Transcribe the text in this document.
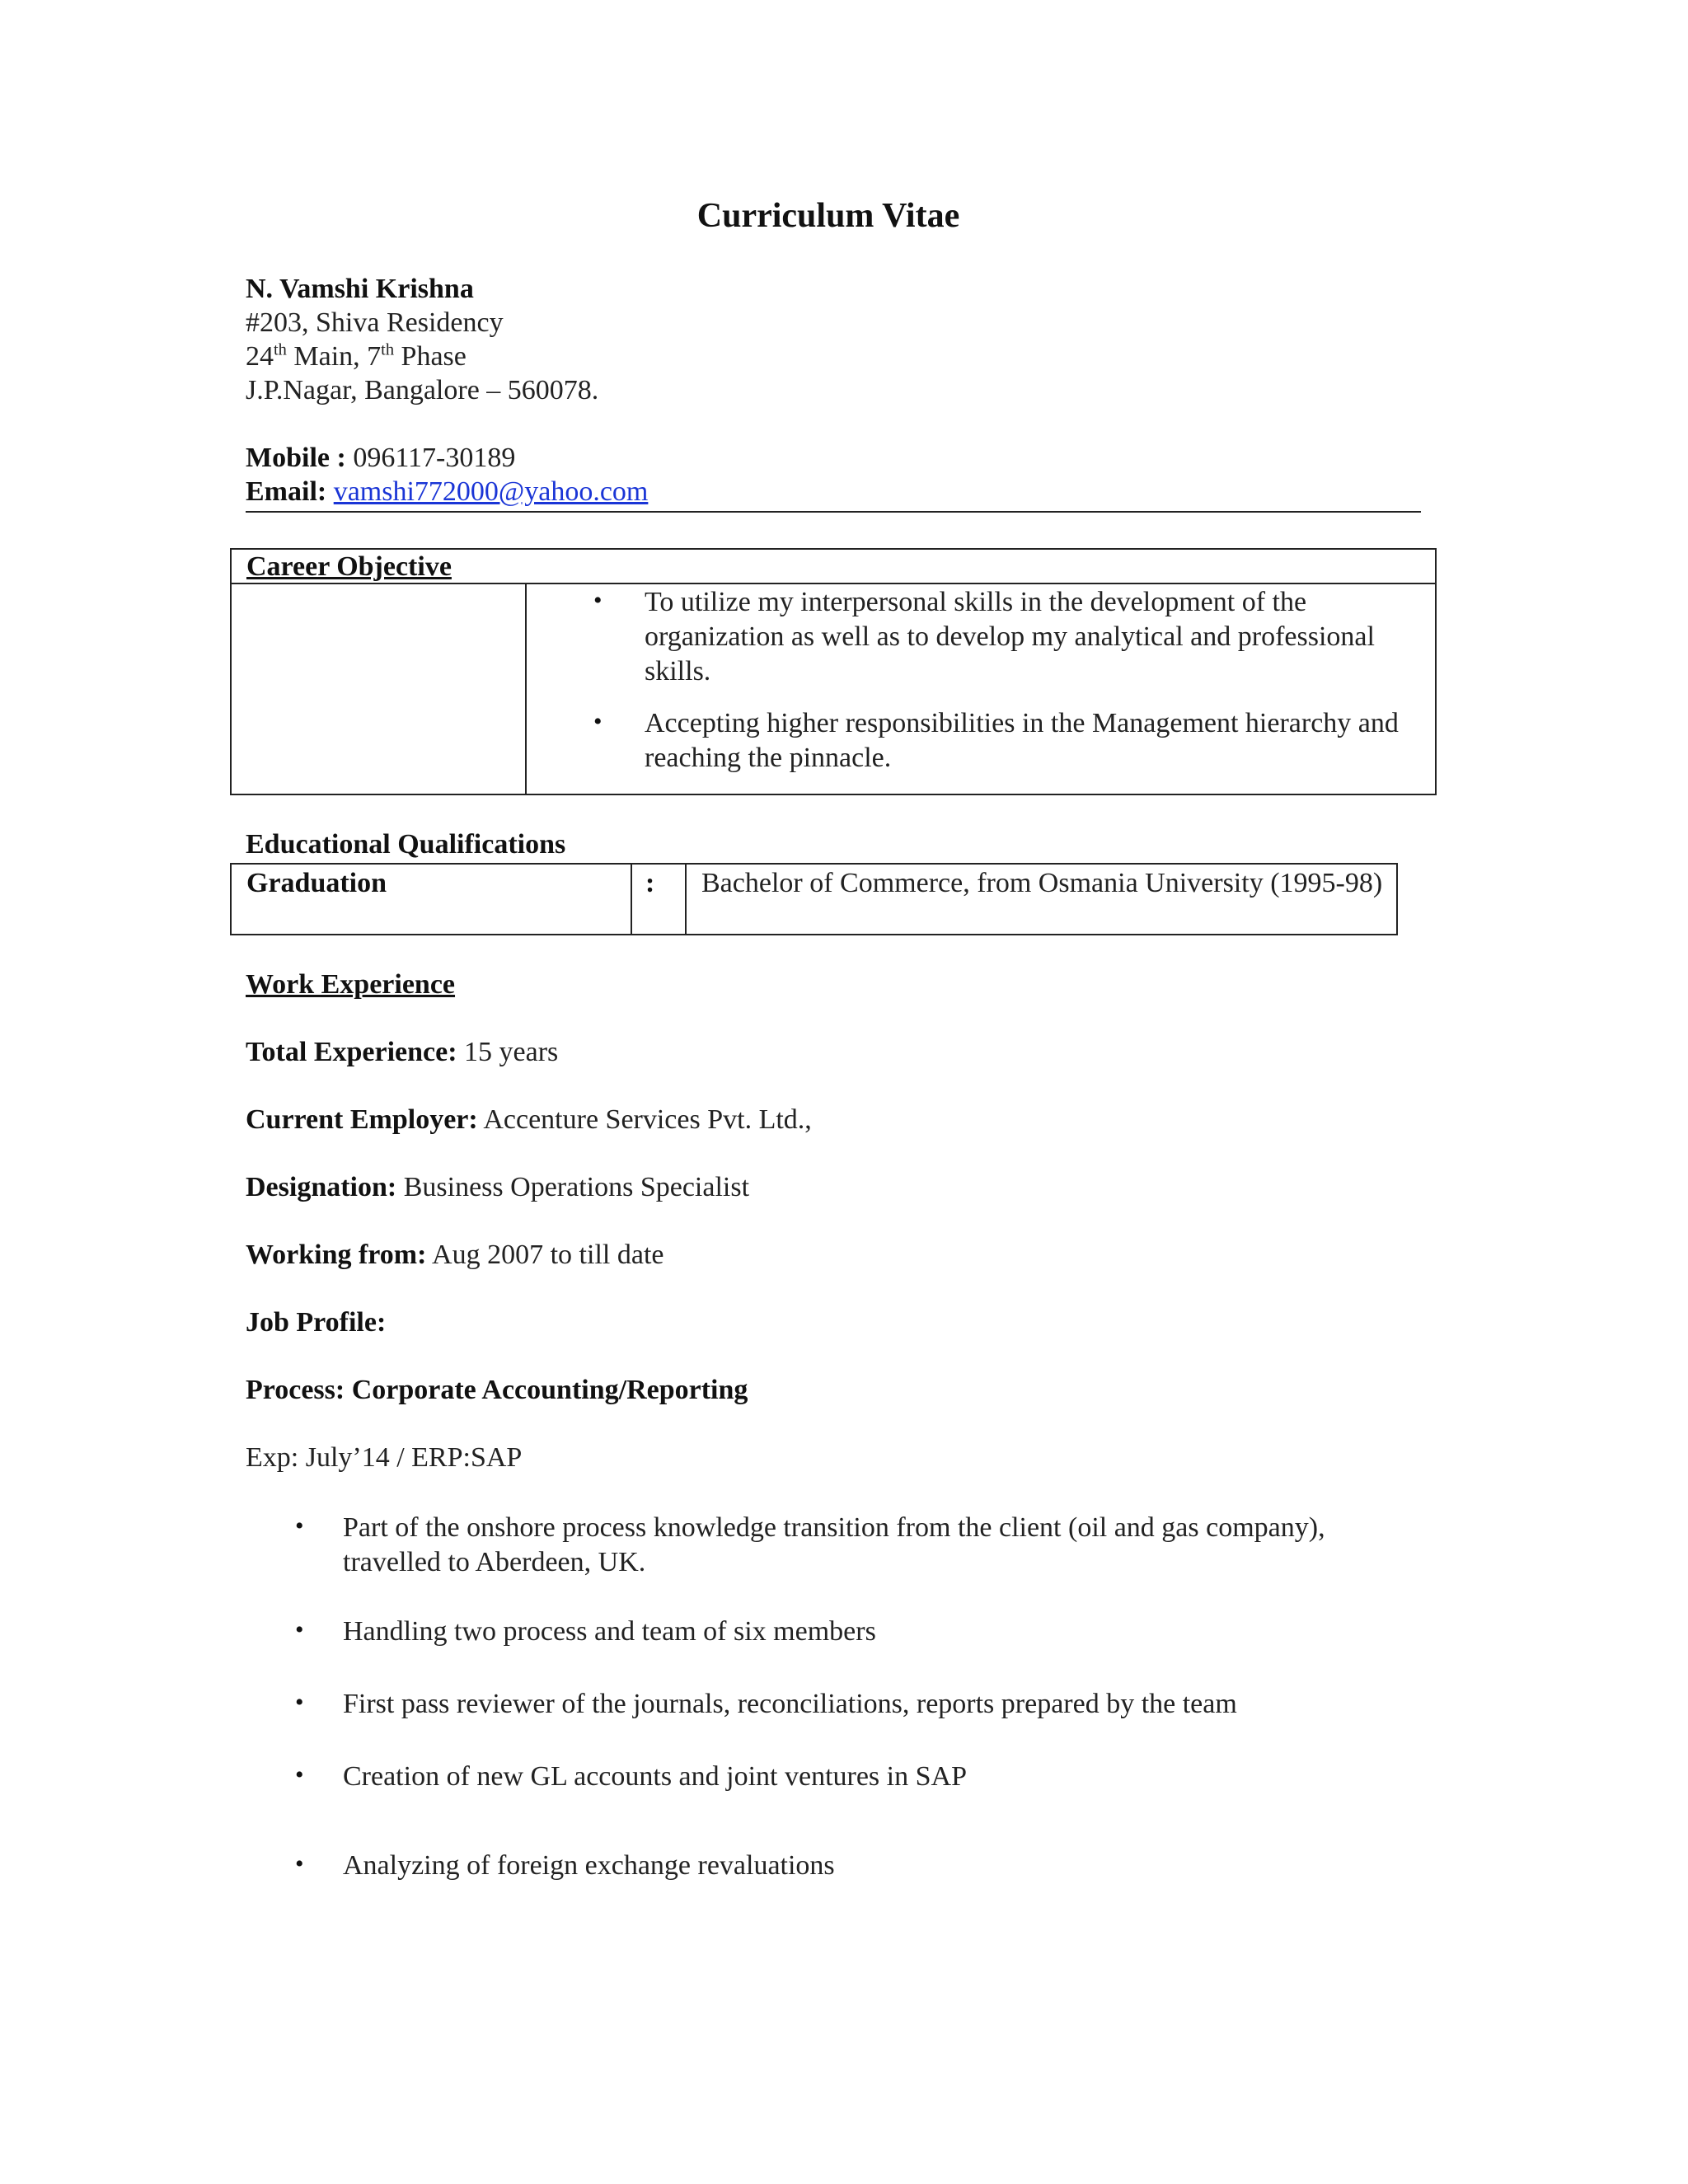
Curriculum Vitae
N. Vamshi Krishna
#203, Shiva Residency
24th Main, 7th Phase
J.P.Nagar, Bangalore – 560078.
Mobile : 096117-30189
Email: vamshi772000@yahoo.com
Career Objective
• To utilize my interpersonal skills in the development of the organization as well as to develop my analytical and professional skills.
• Accepting higher responsibilities in the Management hierarchy and reaching the pinnacle.
Educational Qualifications
Graduation	: Bachelor of Commerce, from Osmania University (1995-98)
Work Experience
Total Experience: 15 years
Current Employer: Accenture Services Pvt. Ltd.,
Designation: Business Operations Specialist
Working from: Aug 2007 to till date
Job Profile:
Process: Corporate Accounting/Reporting
Exp: July’14 / ERP:SAP
• Part of the onshore process knowledge transition from the client (oil and gas company), travelled to Aberdeen, UK.
• Handling two process and team of six members
• First pass reviewer of the journals, reconciliations, reports prepared by the team
• Creation of new GL accounts and joint ventures in SAP
• Analyzing of foreign exchange revaluations
